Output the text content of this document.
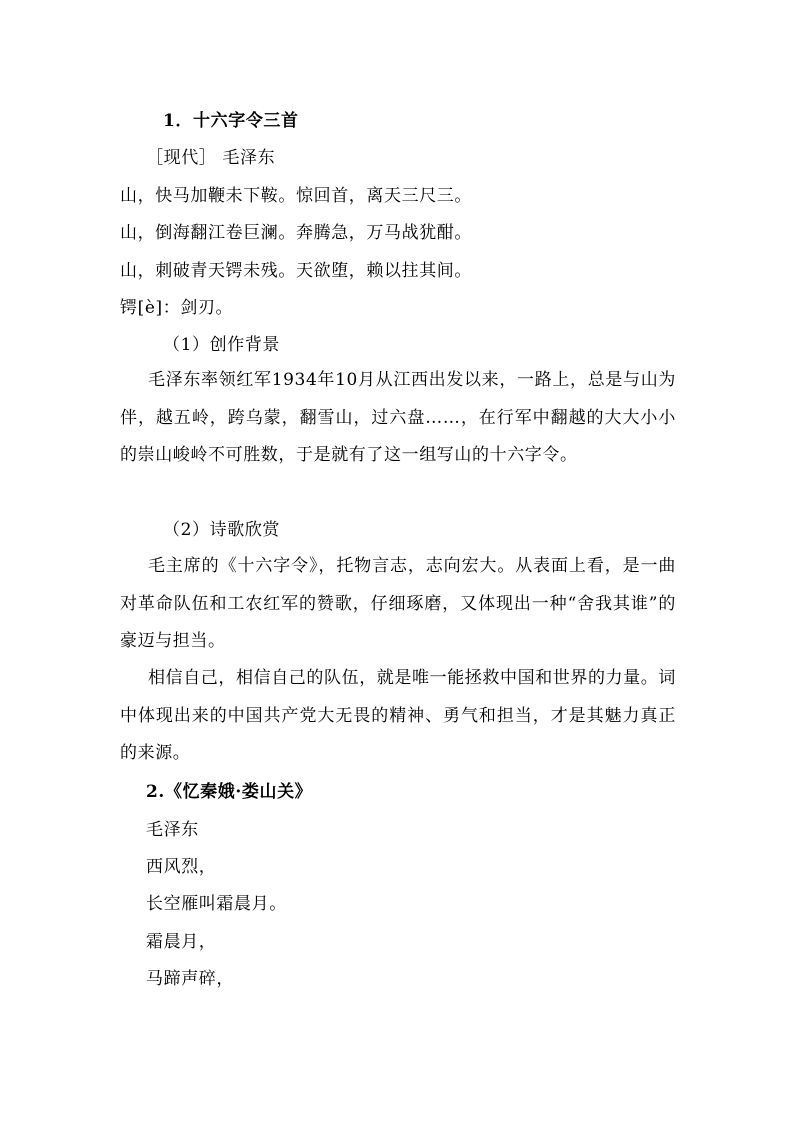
1．十六字令三首
［现代］ 毛泽东
山，快马加鞭未下鞍。惊回首，离天三尺三。
山，倒海翻江卷巨澜。奔腾急，万马战犹酣。
山，刺破青天锷未残。天欲堕，赖以拄其间。
锷[è]：剑刃。
（1）创作背景
毛泽东率领红军1934年10月从江西出发以来，一路上，总是与山为伴，越五岭，跨乌蒙，翻雪山，过六盘……，在行军中翻越的大大小小的崇山峻岭不可胜数，于是就有了这一组写山的十六字令。
（2）诗歌欣赏
毛主席的《十六字令》，托物言志，志向宏大。从表面上看，是一曲对革命队伍和工农红军的赞歌，仔细琢磨，又体现出一种“舍我其谁”的豪迈与担当。
相信自己，相信自己的队伍，就是唯一能拯救中国和世界的力量。词中体现出来的中国共产党大无畏的精神、勇气和担当，才是其魅力真正的来源。
2.《忆秦娥·娄山关》
毛泽东
西风烈，
长空雁叫霜晨月。
霜晨月，
马蹄声碎，
